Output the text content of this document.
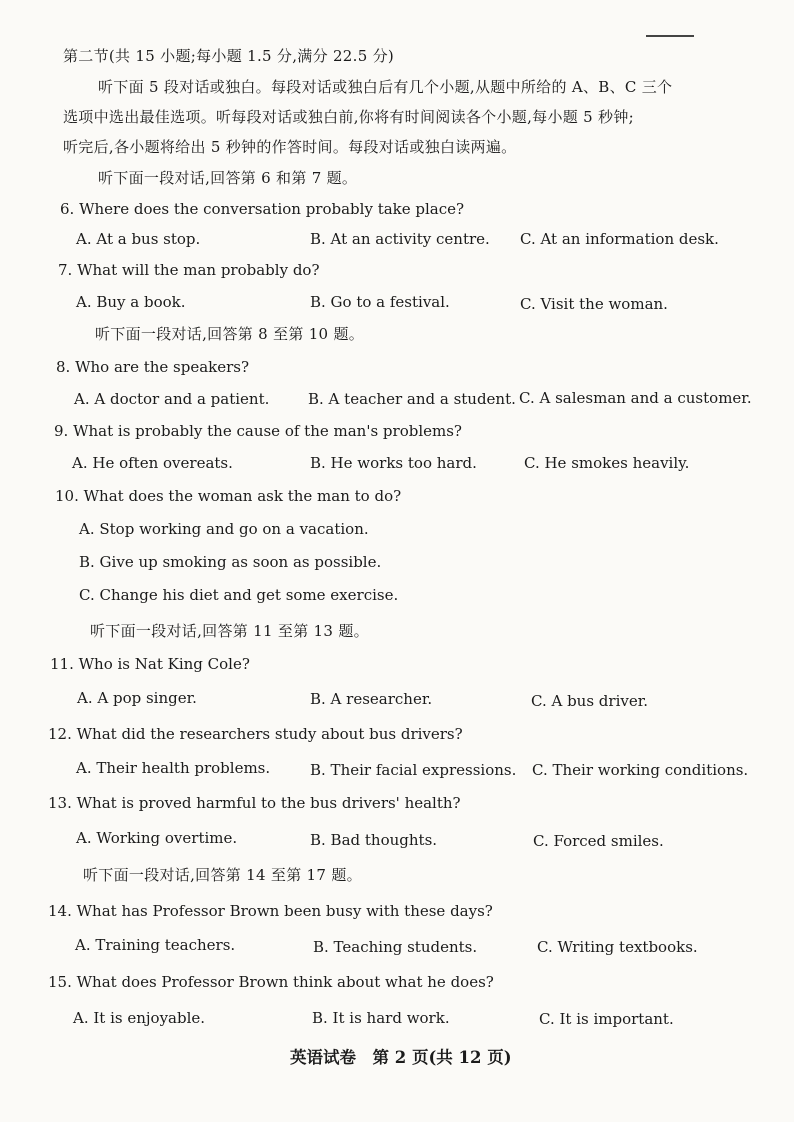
第二节(共 15 小题;每小题 1.5 分,满分 22.5 分)
听下面 5 段对话或独白。每段对话或独白后有几个小题,从题中所给的 A、B、C 三个
选项中选出最佳选项。听每段对话或独白前,你将有时间阅读各个小题,每小题 5 秒钟;
听完后,各小题将给出 5 秒钟的作答时间。每段对话或独白读两遍。
听下面一段对话,回答第 6 和第 7 题。
6. Where does the conversation probably take place?
A. At a bus stop.	B. At an activity centre. C. At an information desk.
7. What will the man probably do?
A. Buy a book.	B. Go to a festival.	C. Visit the woman.
听下面一段对话,回答第 8 至第 10 题。
8. Who are the speakers?
A. A doctor and a patient.	B. A teacher and a student. C. A salesman and a customer.
9. What is probably the cause of the man's problems?
A. He often overeats.	B. He works too hard.	C. He smokes heavily.
10. What does the woman ask the man to do?
A. Stop working and go on a vacation.
B. Give up smoking as soon as possible.
C. Change his diet and get some exercise.
听下面一段对话,回答第 11 至第 13 题。
11. Who is Nat King Cole?
A. A pop singer.	B. A researcher.	C. A bus driver.
12. What did the researchers study about bus drivers?
A. Their health problems.	B. Their facial expressions. C. Their working conditions.
13. What is proved harmful to the bus drivers' health?
A. Working overtime.	B. Bad thoughts.	C. Forced smiles.
听下面一段对话,回答第 14 至第 17 题。
14. What has Professor Brown been busy with these days?
A. Training teachers.	B. Teaching students.	C. Writing textbooks.
15. What does Professor Brown think about what he does?
A. It is enjoyable.	B. It is hard work.	C. It is important.
英语试卷　第 2 页(共 12 页)
